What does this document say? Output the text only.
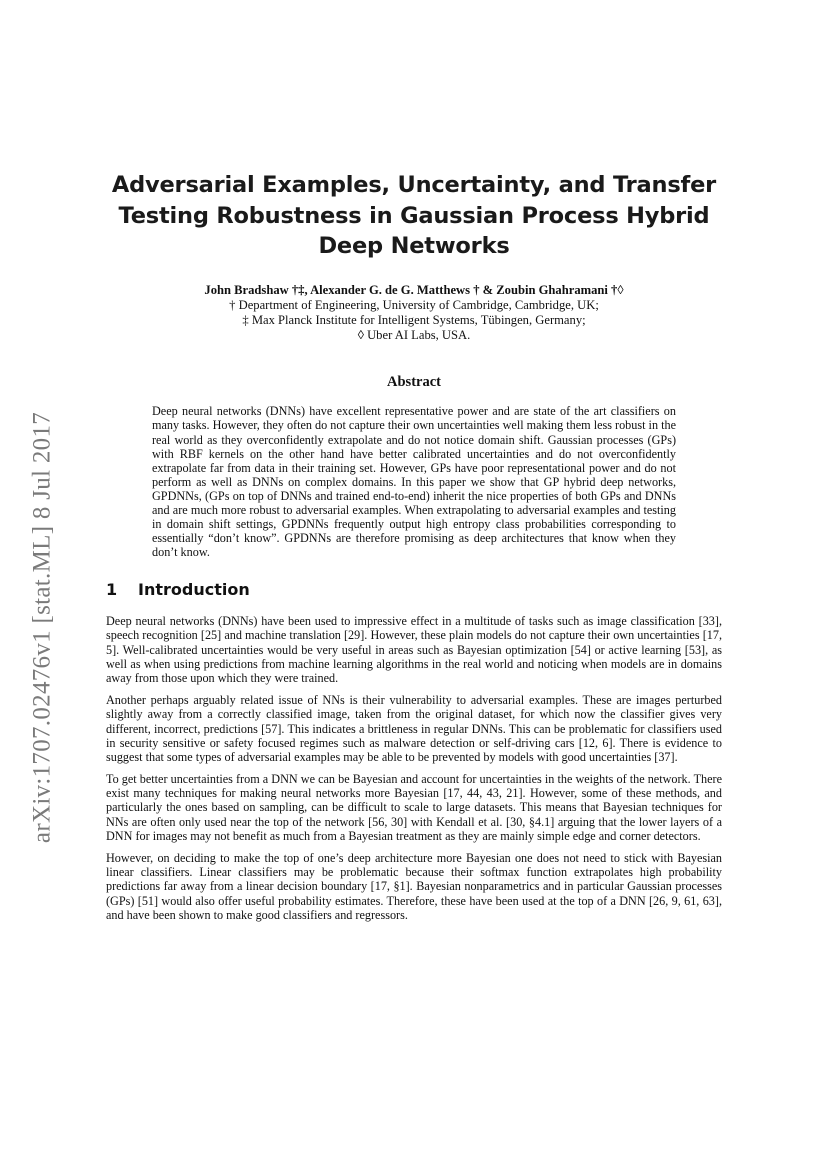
arXiv:1707.02476v1 [stat.ML] 8 Jul 2017
Adversarial Examples, Uncertainty, and Transfer
Testing Robustness in Gaussian Process Hybrid
Deep Networks
John Bradshaw †‡, Alexander G. de G. Matthews † & Zoubin Ghahramani †◊
† Department of Engineering, University of Cambridge, Cambridge, UK;
‡ Max Planck Institute for Intelligent Systems, Tübingen, Germany;
◊ Uber AI Labs, USA.
Abstract

Deep neural networks (DNNs) have excellent representative power and are state of the art classifiers on many tasks. However, they often do not capture their own uncertainties well making them less robust in the real world as they overconfidently extrapolate and do not notice domain shift. Gaussian processes (GPs) with RBF kernels on the other hand have better calibrated uncertainties and do not overconfidently extrapolate far from data in their training set. However, GPs have poor representational power and do not perform as well as DNNs on complex domains. In this paper we show that GP hybrid deep networks, GPDNNs, (GPs on top of DNNs and trained end-to-end) inherit the nice properties of both GPs and DNNs and are much more robust to adversarial examples. When extrapolating to adversarial examples and testing in domain shift settings, GPDNNs frequently output high entropy class probabilities corresponding to essentially “don’t know”. GPDNNs are therefore promising as deep architectures that know when they don’t know.

1 Introduction

Deep neural networks (DNNs) have been used to impressive effect in a multitude of tasks such as image classification [33], speech recognition [25] and machine translation [29]. However, these plain models do not capture their own uncertainties [17, 5]. Well-calibrated uncertainties would be very useful in areas such as Bayesian optimization [54] or active learning [53], as well as when using predictions from machine learning algorithms in the real world and noticing when models are in domains away from those upon which they were trained.

Another perhaps arguably related issue of NNs is their vulnerability to adversarial examples. These are images perturbed slightly away from a correctly classified image, taken from the original dataset, for which now the classifier gives very different, incorrect, predictions [57]. This indicates a brittleness in regular DNNs. This can be problematic for classifiers used in security sensitive or safety focused regimes such as malware detection or self-driving cars [12, 6]. There is evidence to suggest that some types of adversarial examples may be able to be prevented by models with good uncertainties [37].

To get better uncertainties from a DNN we can be Bayesian and account for uncertainties in the weights of the network. There exist many techniques for making neural networks more Bayesian [17, 44, 43, 21]. However, some of these methods, and particularly the ones based on sampling, can be difficult to scale to large datasets. This means that Bayesian techniques for NNs are often only used near the top of the network [56, 30] with Kendall et al. [30, §4.1] arguing that the lower layers of a DNN for images may not benefit as much from a Bayesian treatment as they are mainly simple edge and corner detectors.

However, on deciding to make the top of one’s deep architecture more Bayesian one does not need to stick with Bayesian linear classifiers. Linear classifiers may be problematic because their softmax function extrapolates high probability predictions far away from a linear decision boundary [17, §1]. Bayesian nonparametrics and in particular Gaussian processes (GPs) [51] would also offer useful probability estimates. Therefore, these have been used at the top of a DNN [26, 9, 61, 63], and have been shown to make good classifiers and regressors.
